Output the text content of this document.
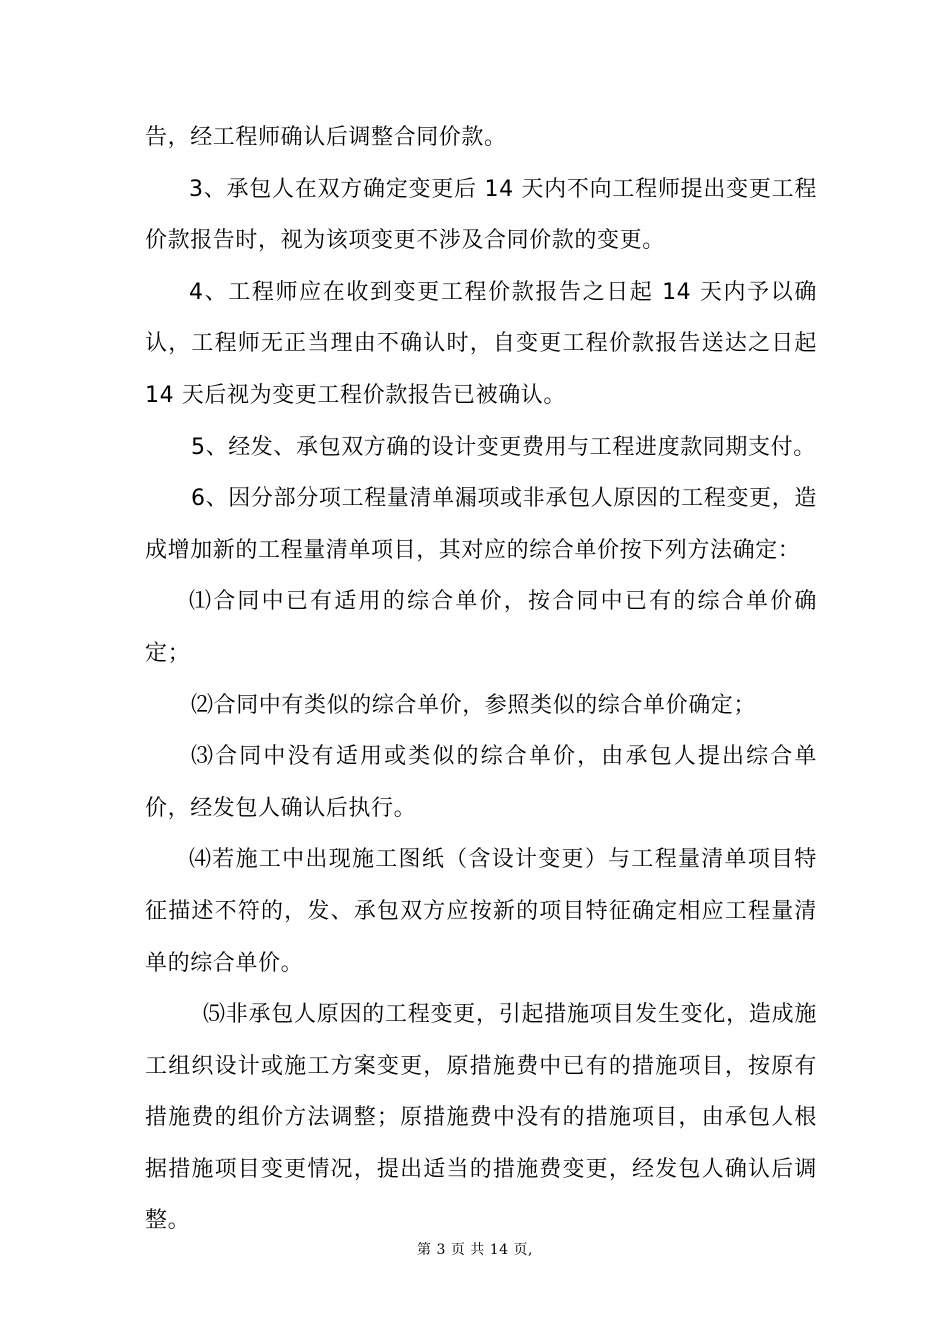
告，经工程师确认后调整合同价款。

3、承包人在双方确定变更后 14 天内不向工程师提出变更工程价款报告时，视为该项变更不涉及合同价款的变更。

4、工程师应在收到变更工程价款报告之日起 14 天内予以确认，工程师无正当理由不确认时，自变更工程价款报告送达之日起 14 天后视为变更工程价款报告已被确认。

5、经发、承包双方确的设计变更费用与工程进度款同期支付。

6、因分部分项工程量清单漏项或非承包人原因的工程变更，造成增加新的工程量清单项目，其对应的综合单价按下列方法确定：

⑴合同中已有适用的综合单价，按合同中已有的综合单价确定；

⑵合同中有类似的综合单价，参照类似的综合单价确定；

⑶合同中没有适用或类似的综合单价，由承包人提出综合单价，经发包人确认后执行。

⑷若施工中出现施工图纸（含设计变更）与工程量清单项目特征描述不符的，发、承包双方应按新的项目特征确定相应工程量清单的综合单价。

⑸非承包人原因的工程变更，引起措施项目发生变化，造成施工组织设计或施工方案变更，原措施费中已有的措施项目，按原有措施费的组价方法调整；原措施费中没有的措施项目，由承包人根据措施项目变更情况，提出适当的措施费变更，经发包人确认后调整。

第 3 页 共 14 页,
